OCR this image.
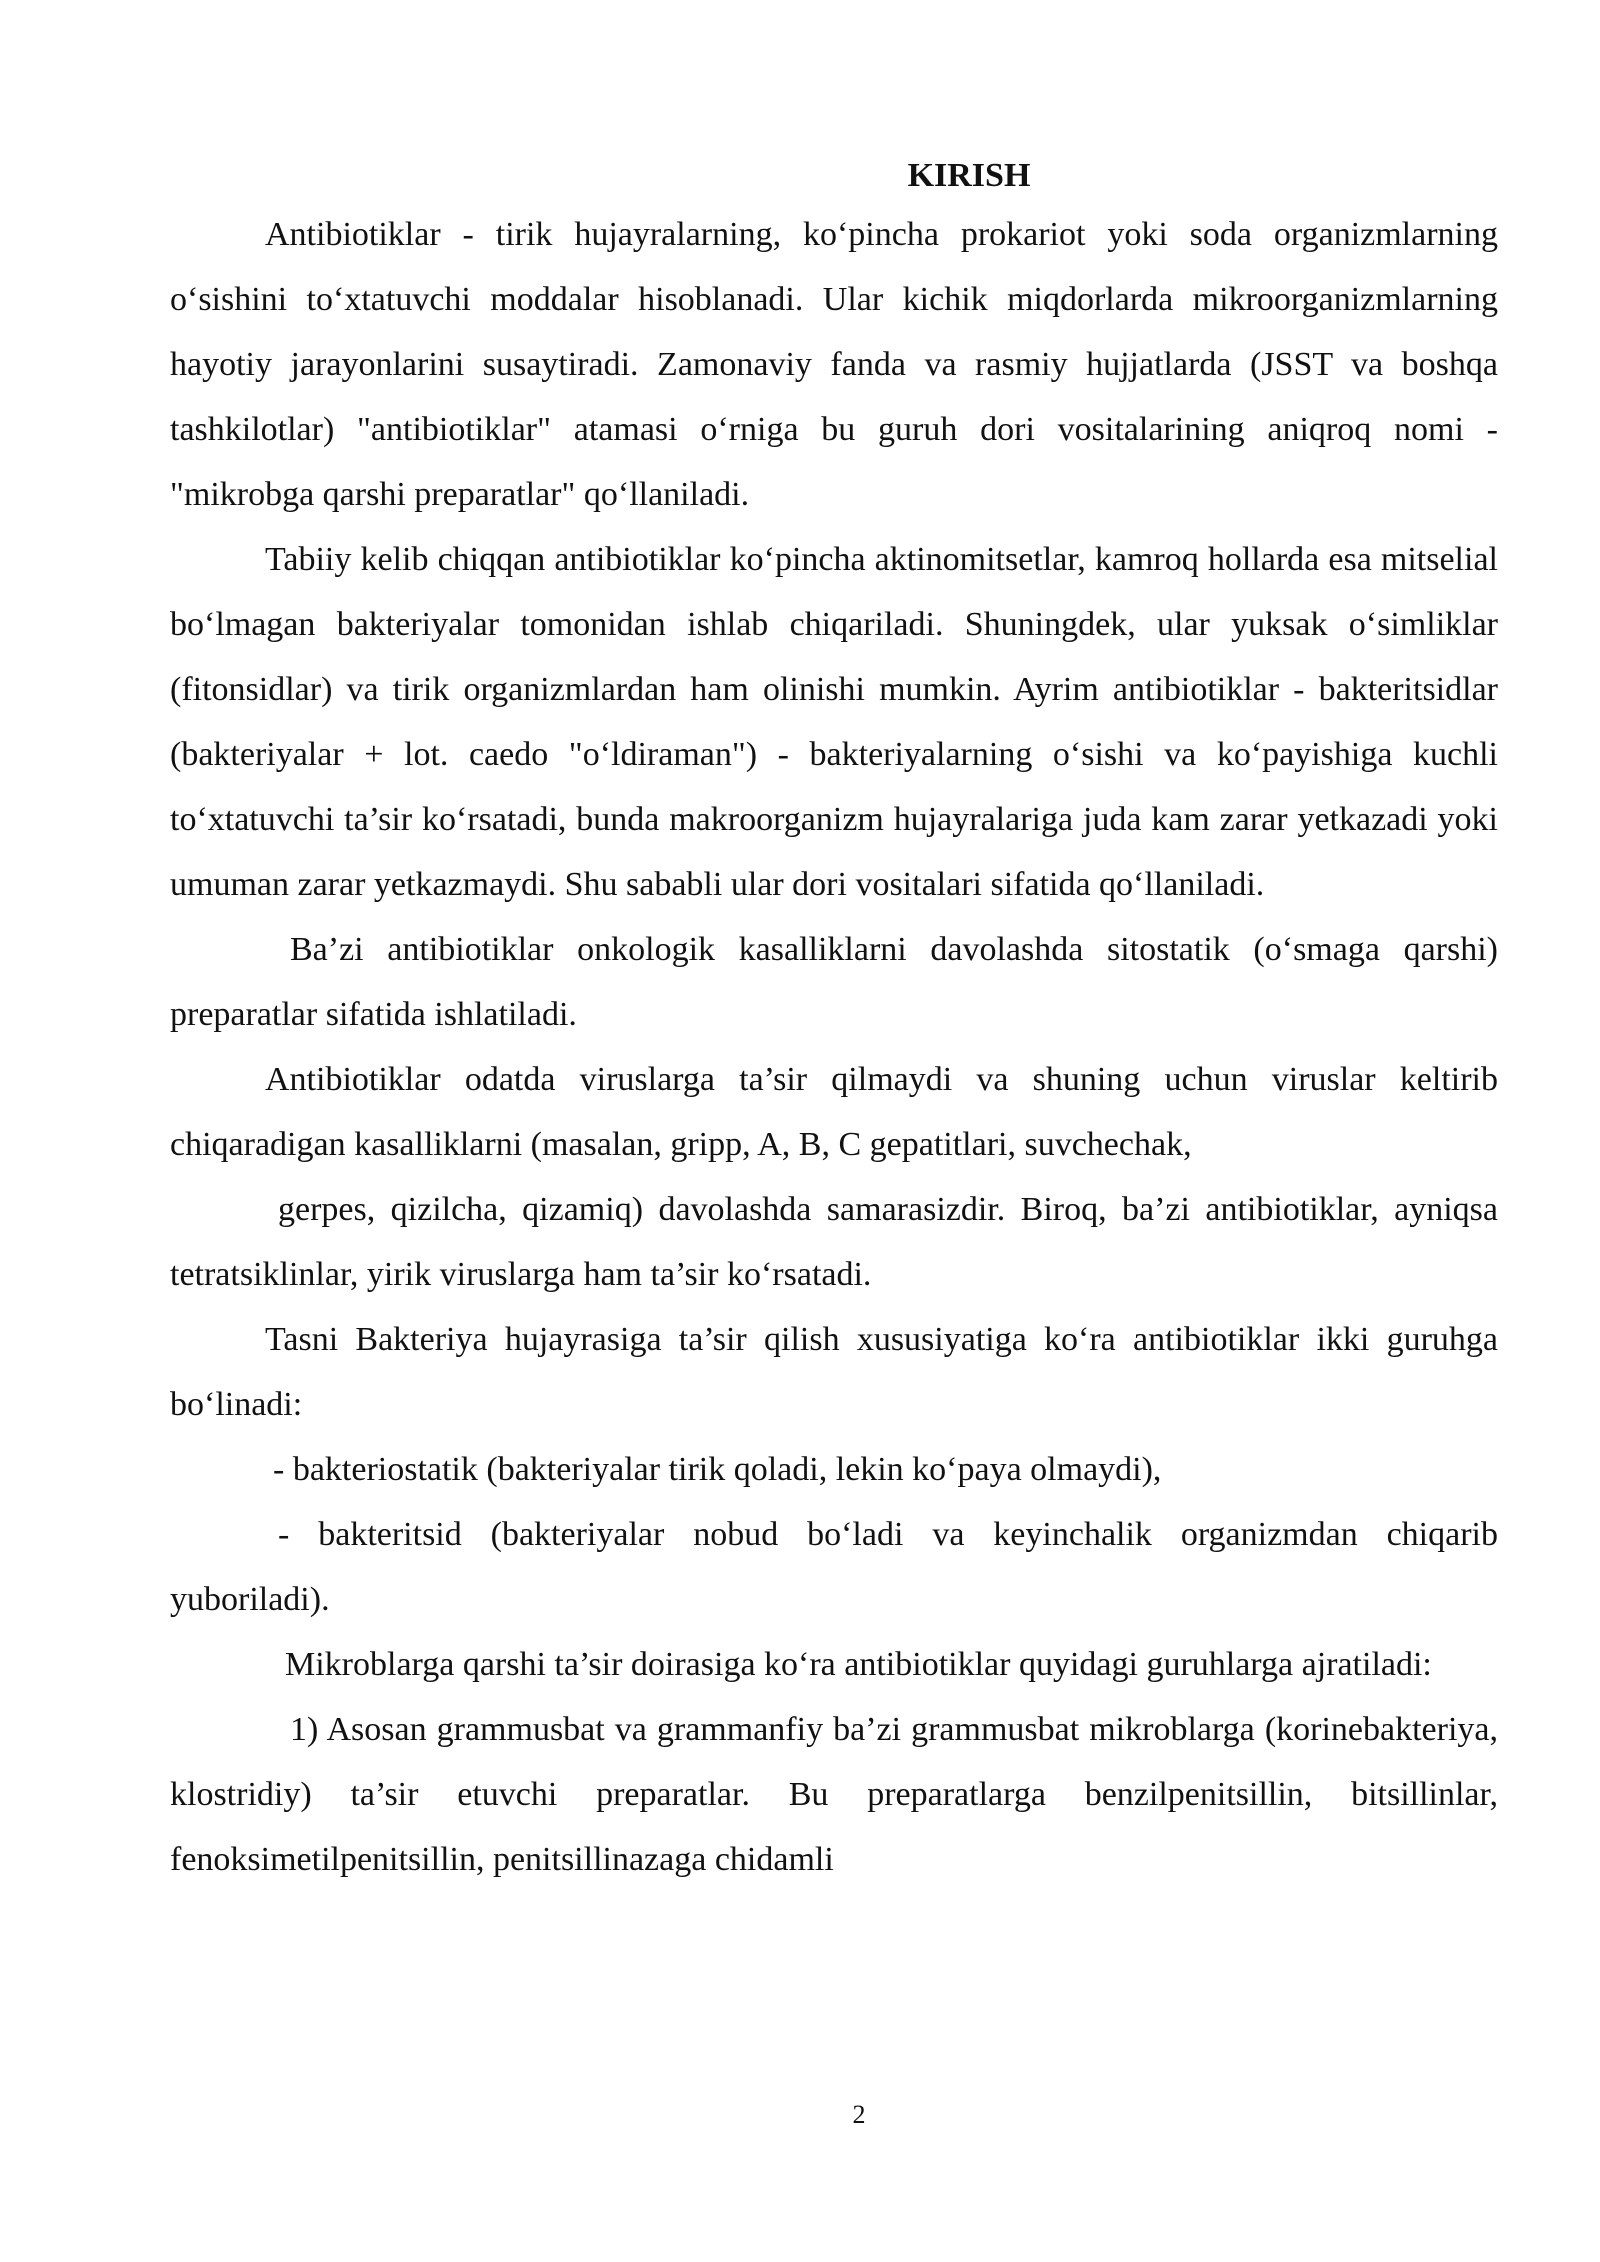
KIRISH

Antibiotiklar - tirik hujayralarning, ko‘pincha prokariot yoki soda organizmlarning o‘sishini to‘xtatuvchi moddalar hisoblanadi. Ular kichik miqdorlarda mikroorganizmlarning hayotiy jarayonlarini susaytiradi. Zamonaviy fanda va rasmiy hujjatlarda (JSST va boshqa tashkilotlar) "antibiotiklar" atamasi o‘rniga bu guruh dori vositalarining aniqroq nomi - "mikrobga qarshi preparatlar" qo‘llaniladi.

Tabiiy kelib chiqqan antibiotiklar ko‘pincha aktinomitsetlar, kamroq hollarda esa mitselial bo‘lmagan bakteriyalar tomonidan ishlab chiqariladi. Shuningdek, ular yuksak o‘simliklar (fitonsidlar) va tirik organizmlardan ham olinishi mumkin. Ayrim antibiotiklar - bakteritsidlar (bakteriyalar + lot. caedo "o‘ldiraman") - bakteriyalarning o‘sishi va ko‘payishiga kuchli to‘xtatuvchi ta’sir ko‘rsatadi, bunda makroorganizm hujayralariga juda kam zarar yetkazadi yoki umuman zarar yetkazmaydi. Shu sababli ular dori vositalari sifatida qo‘llaniladi.

Ba’zi antibiotiklar onkologik kasalliklarni davolashda sitostatik (o‘smaga qarshi) preparatlar sifatida ishlatiladi.

Antibiotiklar odatda viruslarga ta’sir qilmaydi va shuning uchun viruslar keltirib chiqaradigan kasalliklarni (masalan, gripp, A, B, C gepatitlari, suvchechak,

gerpes, qizilcha, qizamiq) davolashda samarasizdir. Biroq, ba’zi antibiotiklar, ayniqsa tetratsiklinlar, yirik viruslarga ham ta’sir ko‘rsatadi.

Tasni Bakteriya hujayrasiga ta’sir qilish xususiyatiga ko‘ra antibiotiklar ikki guruhga bo‘linadi:

- bakteriostatik (bakteriyalar tirik qoladi, lekin ko‘paya olmaydi),

- bakteritsid (bakteriyalar nobud bo‘ladi va keyinchalik organizmdan chiqarib yuboriladi).

Mikroblarga qarshi ta’sir doirasiga ko‘ra antibiotiklar quyidagi guruhlarga ajratiladi:

1) Asosan grammusbat va grammanfiy ba’zi grammusbat mikroblarga (korinebakteriya, klostridiy) ta’sir etuvchi preparatlar. Bu preparatlarga benzilpenitsillin, bitsillinlar, fenoksimetilpenitsillin, penitsillinazaga chidamli

2
